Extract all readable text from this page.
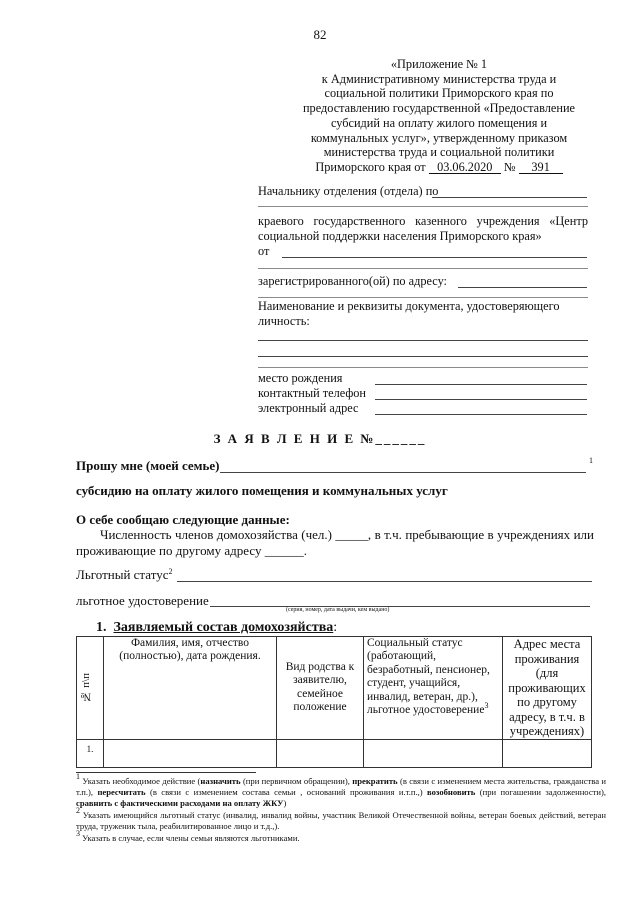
82
«Приложение № 1
к Административному министерства труда и
социальной политики Приморского края по
предоставлению государственной «Предоставление
субсидий на оплату жилого помещения и
коммунальных услуг», утвержденному приказом
министерства труда и социальной политики
Приморского края от 03.06.2020 № 391
Начальнику отделения (отдела) по
краевого государственного казенного учреждения «Центр социальной поддержки населения Приморского края»
от
зарегистрированного(ой) по адресу:
Наименование и реквизиты документа, удостоверяющего личность:
место рождения
контактный телефон
электронный адрес
З А Я В Л Е Н И Е №______
Прошу мне (моей семье)	1
субсидию на оплату жилого помещения и коммунальных услуг
О себе сообщаю следующие данные:
Численность членов домохозяйства (чел.) _____, в т.ч. пребывающие в учреждениях или проживающие по другому адресу ______.
Льготный статус$^2$
льготное удостоверение
(серия, номер, дата выдачи, кем выдано)
1. Заявляемый состав домохозяйства:
№ п\п	Фамилия, имя, отчество (полностью), дата рождения.	Вид родства к заявителю, семейное положение	Социальный статус (работающий, безработный, пенсионер, студент, учащийся, инвалид, ветеран, др.), льготное удостоверение$^3$	Адрес места проживания (для проживающих по другому адресу, в т.ч. в учреждениях)
1.				
1 Указать необходимое действие (назначить (при первичном обращении), прекратить (в связи с изменением места жительства, гражданства и т.п.), пересчитать (в связи с изменением состава семьи , оснований проживания и.т.п.,) возобновить (при погашении задолженности), сравнить с фактическими расходами на оплату ЖКУ)
2 Указать имеющийся льготный статус (инвалид, инвалид войны, участник Великой Отечественной войны, ветеран боевых действий, ветеран труда, труженик тыла, реабилитированное лицо и т.д.,).
3 Указать в случае, если члены семьи являются льготниками.
